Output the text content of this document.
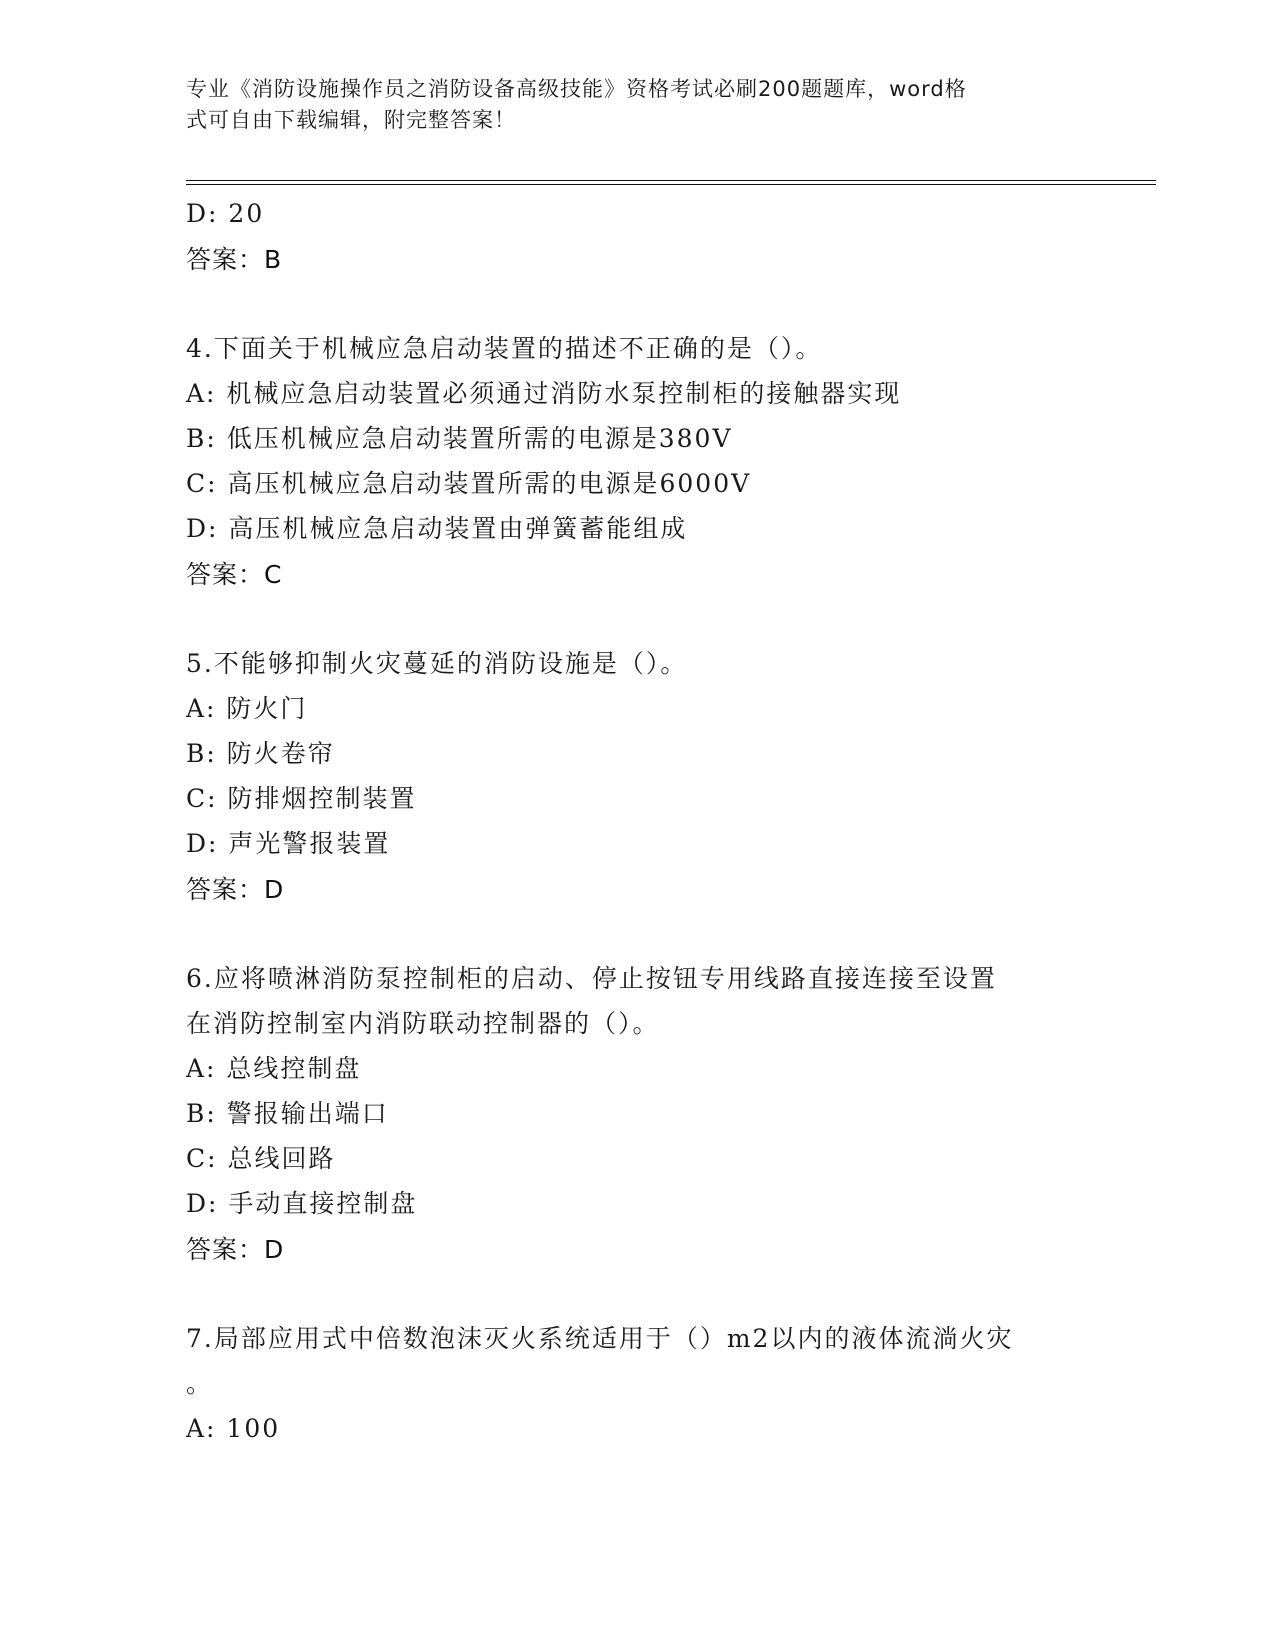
专业《消防设施操作员之消防设备高级技能》资格考试必刷200题题库，word格
式可自由下载编辑，附完整答案！
D: 20
答案：B
4.下面关于机械应急启动装置的描述不正确的是（）。
A: 机械应急启动装置必须通过消防水泵控制柜的接触器实现
B: 低压机械应急启动装置所需的电源是380V
C: 高压机械应急启动装置所需的电源是6000V
D: 高压机械应急启动装置由弹簧蓄能组成
答案：C
5.不能够抑制火灾蔓延的消防设施是（）。
A: 防火门
B: 防火卷帘
C: 防排烟控制装置
D: 声光警报装置
答案：D
6.应将喷淋消防泵控制柜的启动、停止按钮专用线路直接连接至设置
在消防控制室内消防联动控制器的（）。
A: 总线控制盘
B: 警报输出端口
C: 总线回路
D: 手动直接控制盘
答案：D
7.局部应用式中倍数泡沫灭火系统适用于（）m2以内的液体流淌火灾
。
A: 100
